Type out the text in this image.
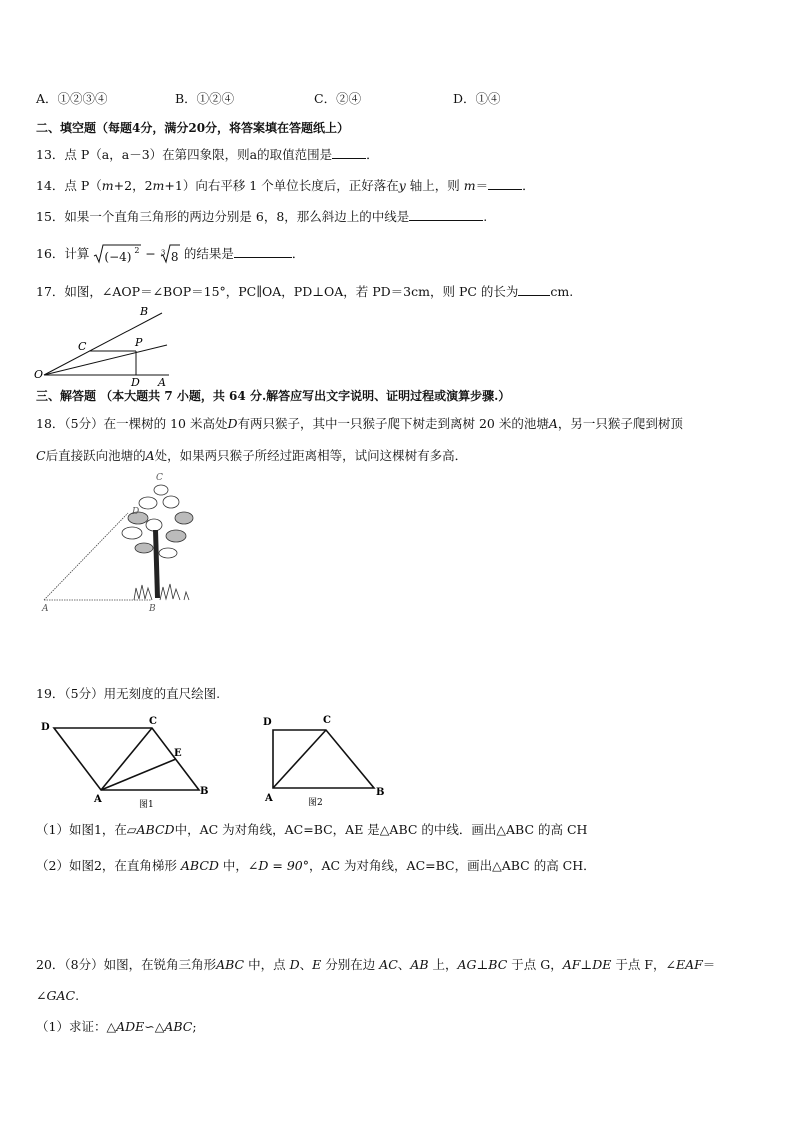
A．①②③④	B．①②④	C．②④	D．①④
二、填空题（每题4分，满分20分，将答案填在答题纸上）
13．点 P（a，a－3）在第四象限，则a的取值范围是	．
14．点 P（m+2，2m+1）向右平移 1 个单位长度后，正好落在y 轴上，则 m＝	．
15．如果一个直角三角形的两边分别是 6，8，那么斜边上的中线是	.
16．计算 (−4) 2 − 3 8 的结果是	．
17．如图，∠AOP＝∠BOP＝15°，PC∥OA，PD⊥OA，若 PD＝3cm，则 PC 的长为	cm.
B
C	P
O
D A
三、解答题 （本大题共 7 小题，共 64 分.解答应写出文字说明、证明过程或演算步骤.）
18．（5分）在一棵树的 10 米高处D有两只猴子，其中一只猴子爬下树走到离树 20 米的池塘A，另一只猴子爬到树顶
C后直接跃向池塘的A处，如果两只猴子所经过距离相等，试问这棵树有多高．
C
D
A	B
19．（5分）用无刻度的直尺绘图.
D
C
E
A
B
图1
D	C
A
B
图2
（1）如图1，在▱ABCD中，AC 为对角线，AC=BC，AE 是△ABC 的中线．画出△ABC 的高 CH
（2）如图2，在直角梯形 ABCD 中，∠D = 90°，AC 为对角线，AC=BC，画出△ABC 的高 CH．
20．（8分）如图，在锐角三角形ABC 中，点 D、E 分别在边 AC、AB 上，AG⊥BC 于点 G，AF⊥DE 于点 F，∠EAF＝
∠GAC.
（1）求证：△ADE∽△ABC;
